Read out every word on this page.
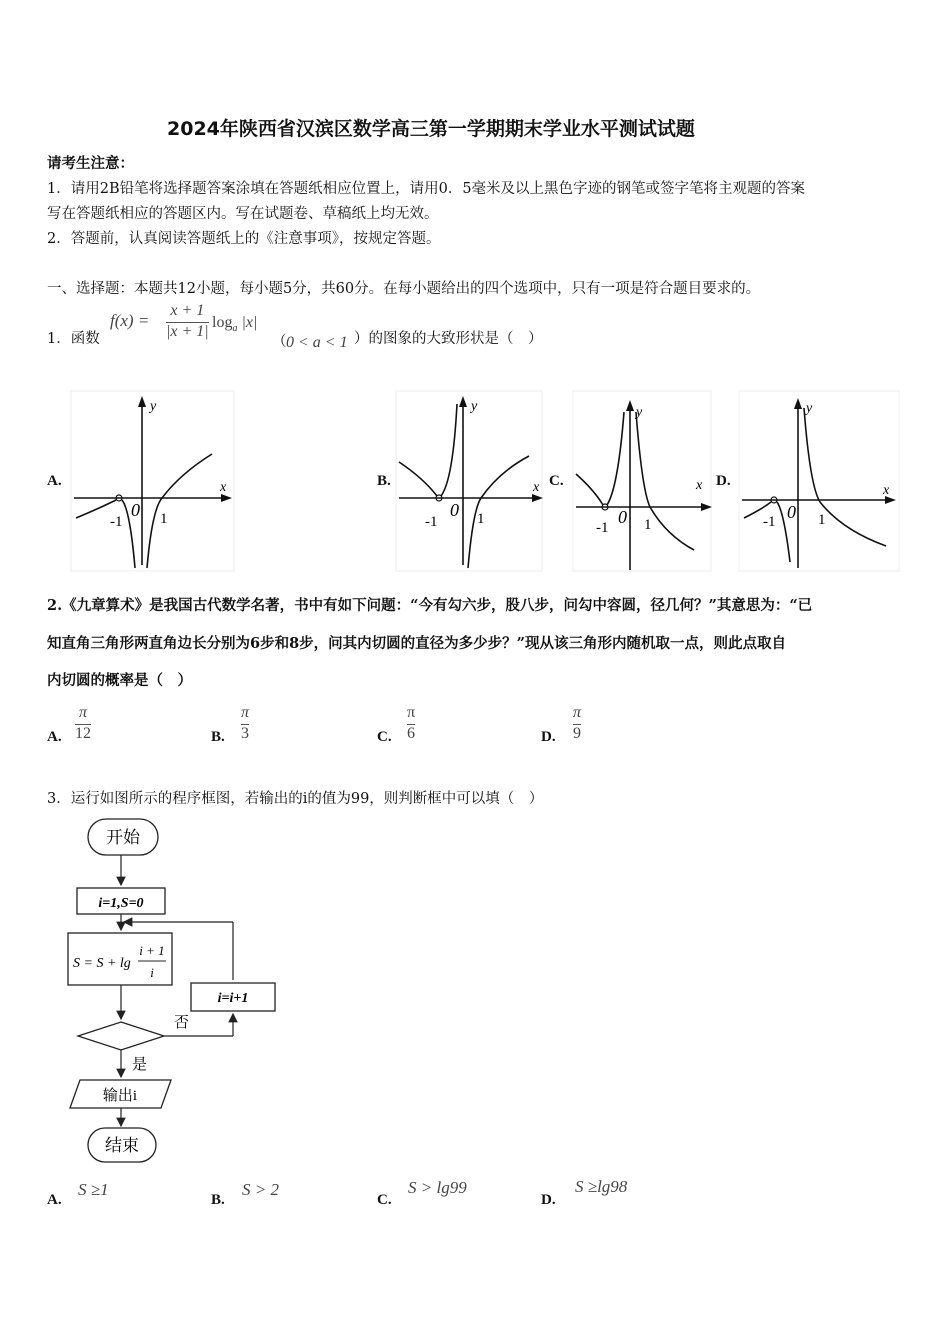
2024年陕西省汉滨区数学高三第一学期期末学业水平测试试题
请考生注意：
1．请用2B铅笔将选择题答案涂填在答题纸相应位置上，请用0．5毫米及以上黑色字迹的钢笔或签字笔将主观题的答案
写在答题纸相应的答题区内。写在试题卷、草稿纸上均无效。
2．答题前，认真阅读答题纸上的《注意事项》，按规定答题。
一、选择题：本题共12小题，每小题5分，共60分。在每小题给出的四个选项中，只有一项是符合题目要求的。
1．函数
f(x) =
x + 1
|x + 1|
$\log_a |x|$
（ 0 < a < 1 ）的图象的大致形状是（　）
A.	B.	C.	D.
x
y
-1
0 1
x
y
-1
0 1
x
y
-1
0 1
x
y
-1 0 1
2.《九章算术》是我国古代数学名著，书中有如下问题：“今有勾六步，股八步，问勾中容圆，径几何？”其意思为：“已
知直角三角形两直角边长分别为6步和8步，问其内切圆的直径为多少步？”现从该三角形内随机取一点，则此点取自
内切圆的概率是（　）
A.
π
12	B.
π
3	C.
π
6	D.
π
9
3．运行如图所示的程序框图，若输出的i的值为99，则判断框中可以填（　）
开始
i=1,S=0
S = S + lg
i + 1
i
i=i+1
否
是
输出i
结束
A.
S ≥1
B.
S > 2
C.
S > lg99
D.
S ≥lg98
